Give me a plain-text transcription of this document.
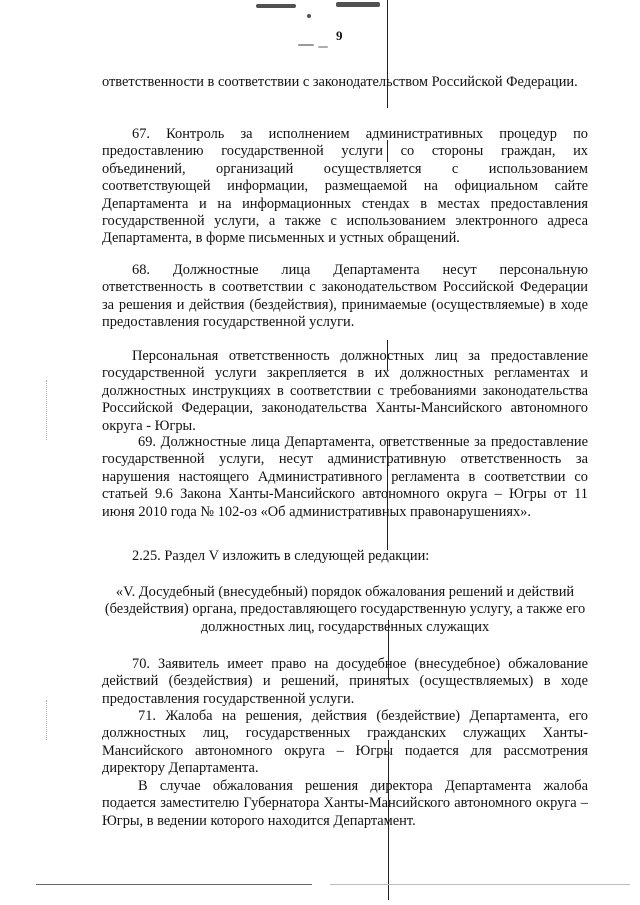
9
ответственности в соответствии с законодательством Российской Федерации.
67. Контроль за исполнением административных процедур по предоставлению государственной услуги со стороны граждан, их объединений, организаций осуществляется с использованием соответствующей информации, размещаемой на официальном сайте Департамента и на информационных стендах в местах предоставления государственной услуги, а также с использованием электронного адреса Департамента, в форме письменных и устных обращений.
68. Должностные лица Департамента несут персональную ответственность в соответствии с законодательством Российской Федерации за решения и действия (бездействия), принимаемые (осуществляемые) в ходе предоставления государственной услуги.
Персональная ответственность должностных лиц за предоставление государственной услуги закрепляется в их должностных регламентах и должностных инструкциях в соответствии с требованиями законодательства Российской Федерации, законодательства Ханты-Мансийского автономного округа - Югры.
69. Должностные лица Департамента, ответственные за предоставление государственной услуги, несут административную ответственность за нарушения настоящего Административного регламента в соответствии со статьей 9.6 Закона Ханты-Мансийского автономного округа – Югры от 11 июня 2010 года № 102-оз «Об административных правонарушениях».
2.25. Раздел V изложить в следующей редакции:
«V. Досудебный (внесудебный) порядок обжалования решений и действий (бездействия) органа, предоставляющего государственную услугу, а также его должностных лиц, государственных служащих
70. Заявитель имеет право на досудебное (внесудебное) обжалование действий (бездействия) и решений, принятых (осуществляемых) в ходе предоставления государственной услуги.
71. Жалоба на решения, действия (бездействие) Департамента, его должностных лиц, государственных гражданских служащих Ханты-Мансийского автономного округа – Югры подается для рассмотрения директору Департамента.
В случае обжалования решения директора Департамента жалоба подается заместителю Губернатора Ханты-Мансийского автономного округа – Югры, в ведении которого находится Департамент.
